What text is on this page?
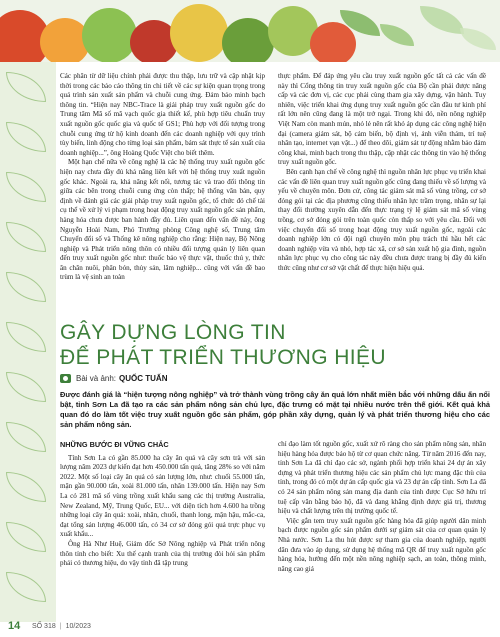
Các phân từ dữ liệu chính phải được thu thập, lưu trữ và cập nhật kịp thời trong các bảo cáo thông tin chi tiết về các sự kiện quan trọng trong quá trình sản xuất sản phẩm và chuỗi cung ứng. Đảm bảo minh bạch thông tin. “Hiện nay NBC-Trace là giải pháp truy xuất nguồn gốc do Trung tâm Mã số mã vạch quốc gia thiết kế, phù hợp tiêu chuẩn truy xuất nguồn gốc quốc gia và quốc tế GS1; Phù hợp với đối tượng trong chuỗi cung ứng từ hộ kinh doanh đến các doanh nghiệp với quy trình tùy biến, linh động cho từng loại sản phẩm, bám sát thực tế sản xuất của doanh nghiệp...”, ông Hoàng Quốc Việt cho biết thêm.

Một hạn chế nữa về công nghệ là các hệ thống truy xuất nguồn gốc hiện nay chưa đầy đủ khả năng liên kết với hệ thống truy xuất nguồn gốc khác. Ngoài ra, khả năng kết nối, tương tác và trao đổi thông tin giữa các bên trong chuỗi cung ứng còn thấp; hệ thống văn bản, quy định về đánh giá các giải pháp truy xuất nguồn gốc, tổ chức đó chế tài cụ thể về xử lý vi phạm trong hoạt động truy xuất nguồn gốc sản phẩm, hàng hóa chưa được ban hành đầy đủ. Liên quan đến vấn đề này, ông Nguyễn Hoài Nam, Phó Trưởng phòng Công nghệ số, Trung tâm Chuyển đổi số và Thống kê nông nghiệp cho rằng: Hiện nay, Bộ Nông nghiệp và Phát triển nông thôn có nhiều đối tượng quản lý liên quan đến truy xuất nguồn gốc như: thuốc bảo vệ thực vật, thuốc thú y, thức ăn chăn nuôi, phân bón, thủy sản, lâm nghiệp... cũng với vấn đề bao trùm là vệ sinh an toàn

thực phẩm. Để đáp ứng yêu cầu truy xuất nguồn gốc tất cả các vấn đề này thì Cổng thông tin truy xuất nguồn gốc của Bộ cần phải được nâng cấp và các đơn vị, các cục phải cùng tham gia xây dựng, vận hành. Tuy nhiên, việc triển khai ứng dụng truy xuất nguồn gốc cần đầu tư kinh phí rất lớn nên cũng đang là một trở ngại. Trong khi đó, nền nông nghiệp Việt Nam còn manh mún, nhỏ lẻ nên rất khó áp dụng các công nghệ hiện đại (camera giám sát, bộ cảm biến, bộ định vị, ảnh viễn thám, trí tuệ nhân tạo, internet vạn vật...) để theo dõi, giám sát tự động nhằm bảo đảm công khai, minh bạch trong thu thập, cập nhật các thông tin vào hệ thống truy xuất nguồn gốc.

Bên cạnh hạn chế về công nghệ thì nguồn nhân lực phục vụ triển khai các vấn đề liên quan truy xuất nguồn gốc cũng đang thiếu về số lượng và yếu về chuyên môn. Đơn cử, công tác giám sát mã số vùng trồng, cơ sở đóng gói tại các địa phương cũng thiếu nhân lực trầm trọng, nhân sự lại thay đổi thường xuyên dẫn đến thực trạng tỷ lệ giám sát mã số vùng trồng, cơ sở đóng gói trên toàn quốc còn thấp so với yêu cầu. Đối với việc chuyển đổi số trong hoạt động truy xuất nguồn gốc, ngoài các doanh nghiệp lớn có đội ngũ chuyên môn phụ trách thì hầu hết các doanh nghiệp vừa và nhỏ, hợp tác xã, cơ sở sản xuất hộ gia đình, nguồn nhân lực phục vụ cho công tác này đều chưa được trang bị đầy đủ kiến thức cũng như cơ sở vật chất để thực hiện hiệu quả.

GÂY DỰNG LÒNG TIN
ĐỂ PHÁT TRIỂN THƯƠNG HIỆU
Bài và ảnh: QUỐC TUẤN
Được đánh giá là “hiện tượng nông nghiệp” và trở thành vùng trồng cây ăn quả lớn nhất miền bắc với những dấu ấn nổi bật, tỉnh Sơn La đã tạo ra các sản phẩm nông sản chủ lực, đặc trưng có mặt tại nhiều nước trên thế giới. Kết quả khả quan đó do làm tốt việc truy xuất nguồn gốc sản phẩm, góp phần xây dựng, quản lý và phát triển thương hiệu cho các sản phẩm nông sản.
NHỮNG BƯỚC ĐI VỮNG CHẮC

Tính Sơn La có gần 85.000 ha cây ăn quả và cây sơn trà với sản lượng năm 2023 dự kiến đạt hơn 450.000 tấn quả, tăng 28% so với năm 2022. Một số loại cây ăn quả có sản lượng lớn, như: chuối 55.000 tấn, mận gần 90.000 tấn, xoài 81.000 tấn, nhãn 139.000 tấn. Hiện nay Sơn La có 281 mã số vùng trồng xuất khẩu sang các thị trường Australia, New Zealand, Mỹ, Trung Quốc, EU... với diện tích hơn 4.600 ha trồng những loại cây ăn quả: xoài, nhãn, chuối, thanh long, mận hậu, mắc-ca, đạt tổng sản lượng 46.000 tấn, có 34 cơ sở đóng gói quả trực phục vụ xuất khẩu...

Ông Hà Như Huệ, Giám đốc Sở Nông nghiệp và Phát triển nông thôn tỉnh cho biết: Xu thế cạnh tranh của thị trường đòi hỏi sản phẩm phải có thương hiệu, do vậy tỉnh đã tập trung

chỉ đạo làm tốt nguồn gốc, xuất xứ rõ ràng cho sản phẩm nông sản, nhãn hiệu hàng hóa được bảo hộ từ cơ quan chức năng. Từ năm 2016 đến nay, tỉnh Sơn La đã chỉ đạo các sở, ngành phối hợp triển khai 24 dự án xây dựng và phát triển thương hiệu các sản phẩm chủ lực mang đặc thù của tỉnh, trong đó có một dự án cấp quốc gia và 23 dự án cấp tỉnh. Sơn La đã có 24 sản phẩm nông sản mang địa danh của tỉnh được Cục Sở hữu trí tuệ cấp văn bằng bảo hộ, đã và đang khẳng định được giá trị, thương hiệu và chất lượng trên thị trường quốc tế.

Việc gắn tem truy xuất nguồn gốc hàng hóa đã giúp người dân minh bạch được nguồn gốc sản phẩm dưới sự giám sát của cơ quan quản lý Nhà nước. Sơn La thu hút được sự tham gia của doanh nghiệp, người dân đưa vào áp dụng, sử dụng hệ thống mã QR để truy xuất nguồn gốc hàng hóa, hướng đến một nền nông nghiệp sạch, an toàn, thông minh, nâng cao giá

14 SỐ 318 | 10/2023
